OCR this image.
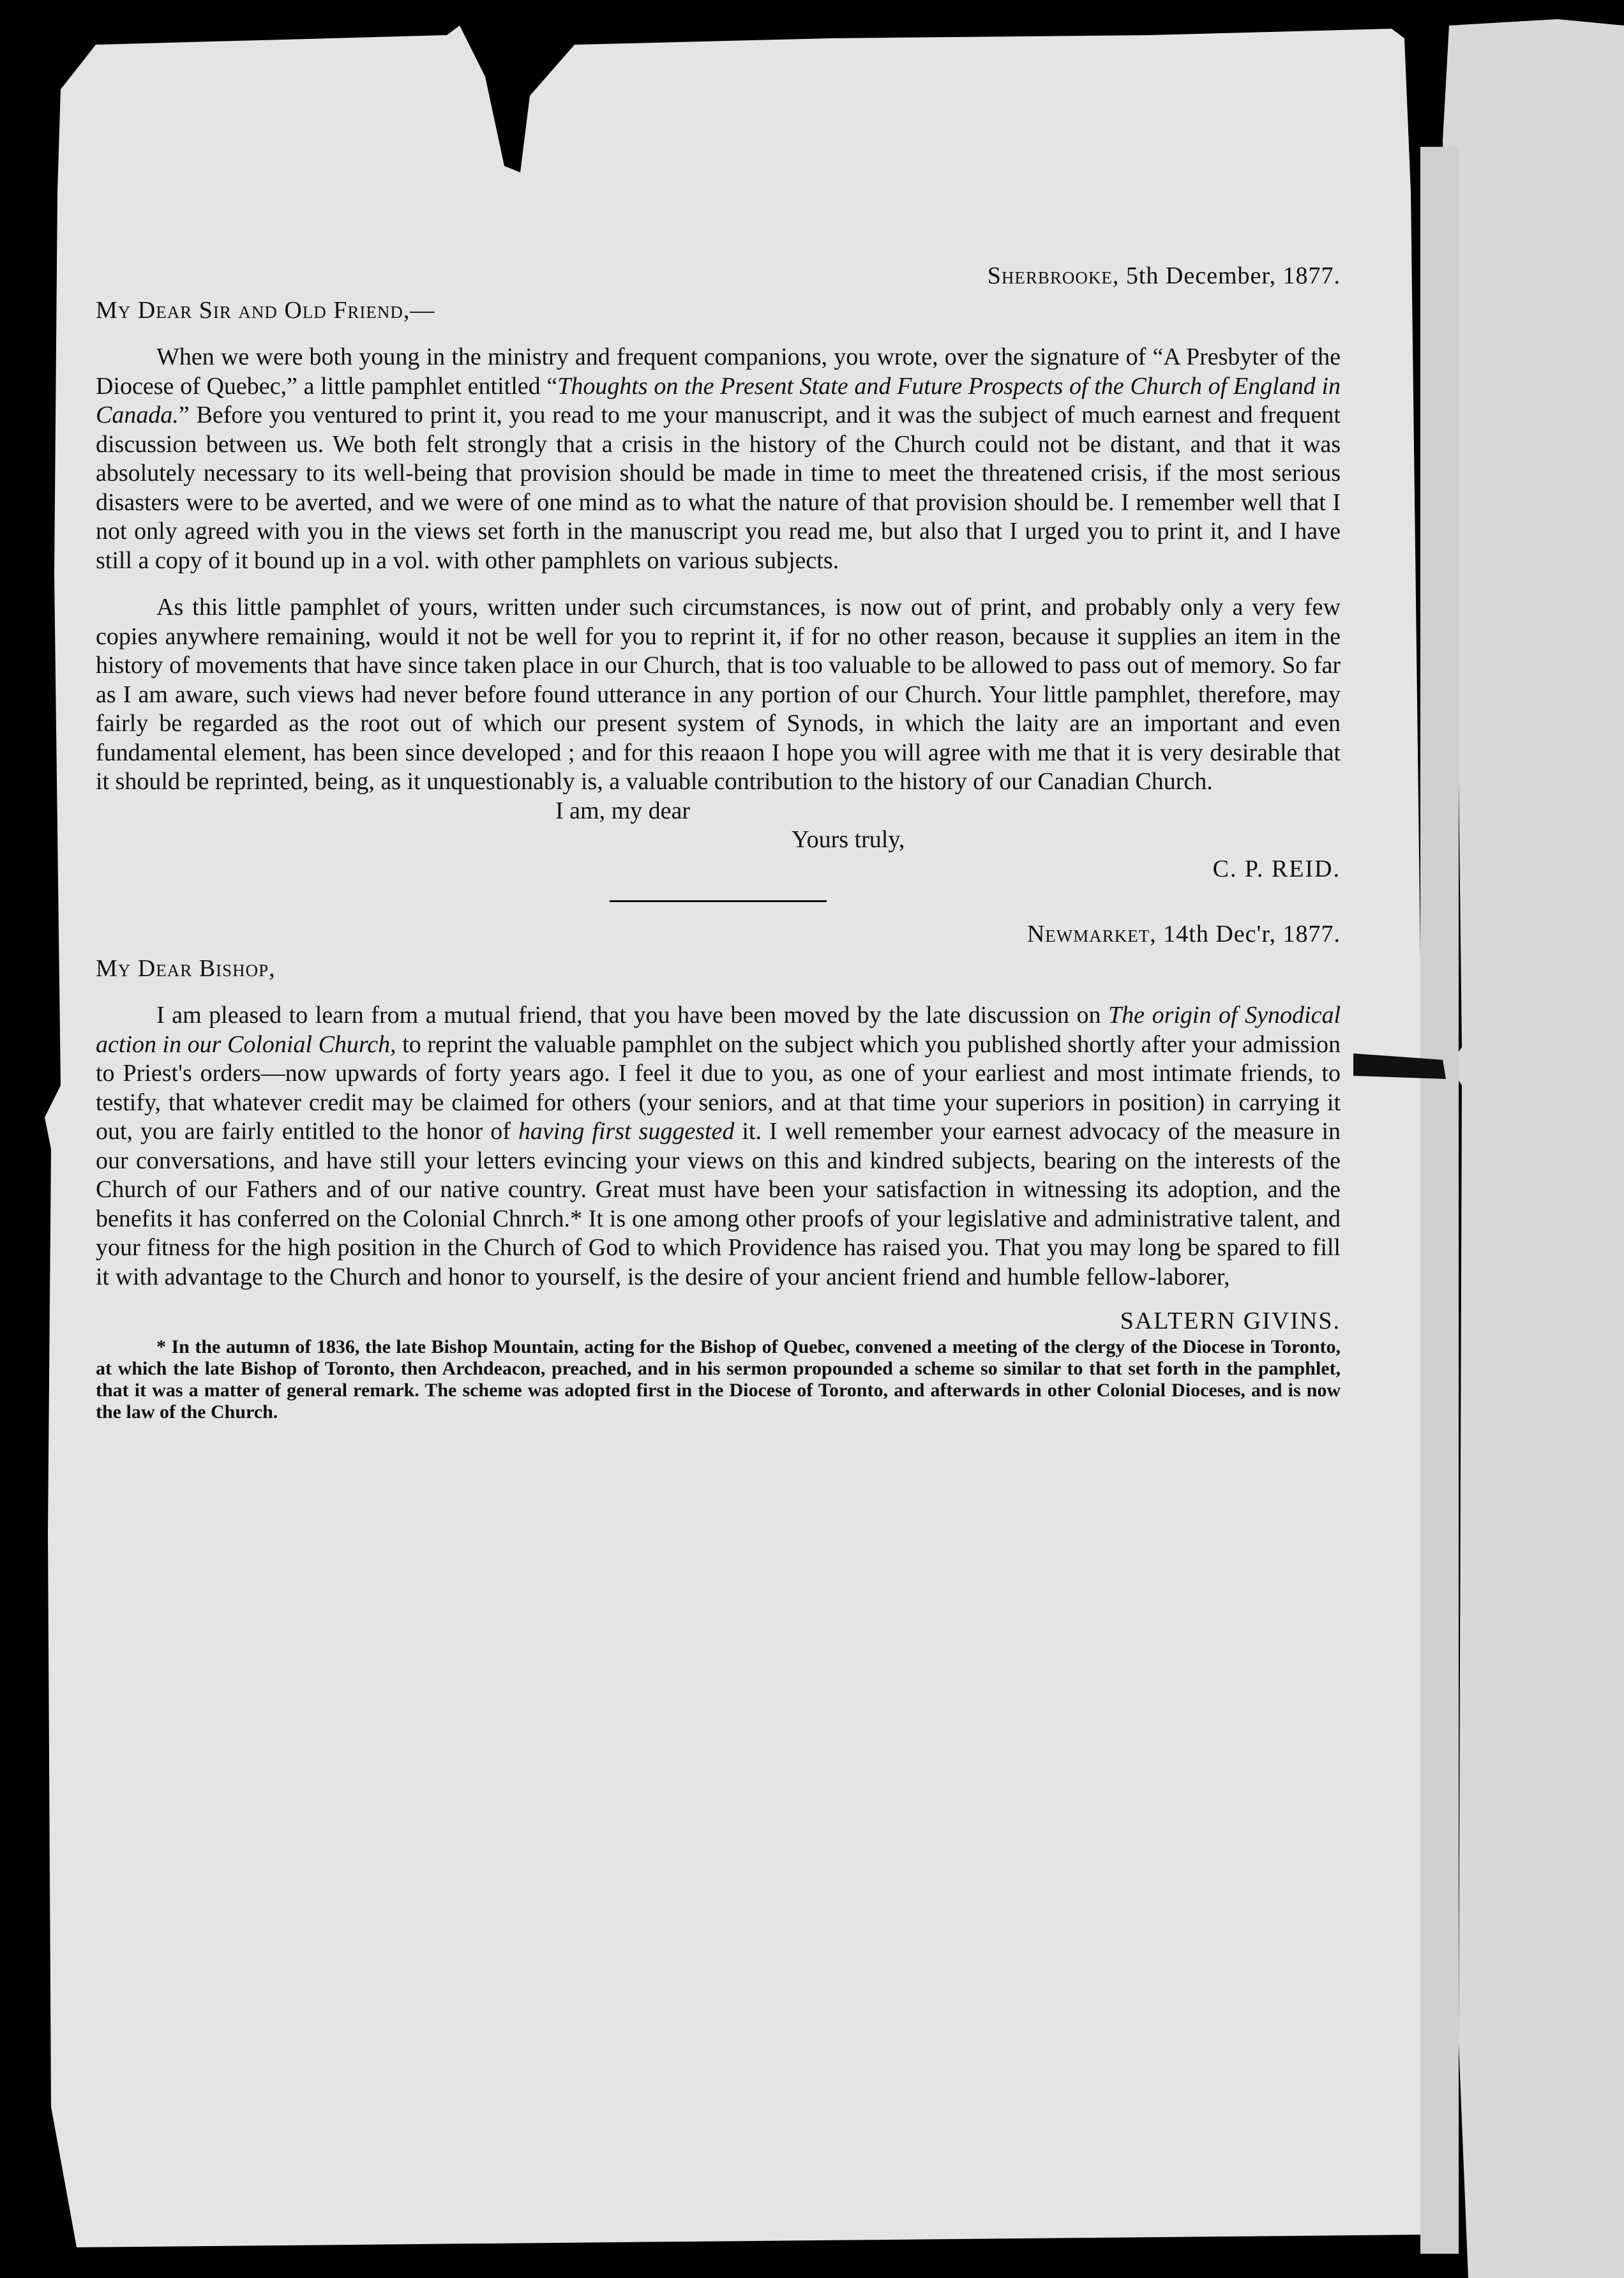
Sherbrooke, 5th December, 1877.
My Dear Sir and Old Friend,—

When we were both young in the ministry and frequent companions, you wrote, over the signature of “A Presbyter of the Diocese of Quebec,” a little pamphlet entitled “Thoughts on the Present State and Future Prospects of the Church of England in Canada.” Before you ventured to print it, you read to me your manuscript, and it was the subject of much earnest and frequent discussion between us. We both felt strongly that a crisis in the history of the Church could not be distant, and that it was absolutely necessary to its well-being that provision should be made in time to meet the threatened crisis, if the most serious disasters were to be averted, and we were of one mind as to what the nature of that provision should be. I remember well that I not only agreed with you in the views set forth in the manuscript you read me, but also that I urged you to print it, and I have still a copy of it bound up in a vol. with other pamphlets on various subjects.

As this little pamphlet of yours, written under such circumstances, is now out of print, and probably only a very few copies anywhere remaining, would it not be well for you to reprint it, if for no other reason, because it supplies an item in the history of movements that have since taken place in our Church, that is too valuable to be allowed to pass out of memory. So far as I am aware, such views had never before found utterance in any portion of our Church. Your little pamphlet, therefore, may fairly be regarded as the root out of which our present system of Synods, in which the laity are an important and even fundamental element, has been since developed ; and for this reaaon I hope you will agree with me that it is very desirable that it should be reprinted, being, as it unquestionably is, a valuable contribution to the history of our Canadian Church.

I am, my dear
Yours truly,
C. P. REID.
Newmarket, 14th Dec'r, 1877.
My Dear Bishop,

I am pleased to learn from a mutual friend, that you have been moved by the late discussion on The origin of Synodical action in our Colonial Church, to reprint the valuable pamphlet on the subject which you published shortly after your admission to Priest's orders—now upwards of forty years ago. I feel it due to you, as one of your earliest and most intimate friends, to testify, that whatever credit may be claimed for others (your seniors, and at that time your superiors in position) in carrying it out, you are fairly entitled to the honor of having first suggested it. I well remember your earnest advocacy of the measure in our conversations, and have still your letters evincing your views on this and kindred subjects, bearing on the interests of the Church of our Fathers and of our native country. Great must have been your satisfaction in witnessing its adoption, and the benefits it has conferred on the Colonial Chnrch.* It is one among other proofs of your legislative and administrative talent, and your fitness for the high position in the Church of God to which Providence has raised you. That you may long be spared to fill it with advantage to the Church and honor to yourself, is the desire of your ancient friend and humble fellow-laborer,

SALTERN GIVINS.

* In the autumn of 1836, the late Bishop Mountain, acting for the Bishop of Quebec, convened a meeting of the clergy of the Diocese in Toronto, at which the late Bishop of Toronto, then Archdeacon, preached, and in his sermon propounded a scheme so similar to that set forth in the pamphlet, that it was a matter of general remark. The scheme was adopted first in the Diocese of Toronto, and afterwards in other Colonial Dioceses, and is now the law of the Church.
